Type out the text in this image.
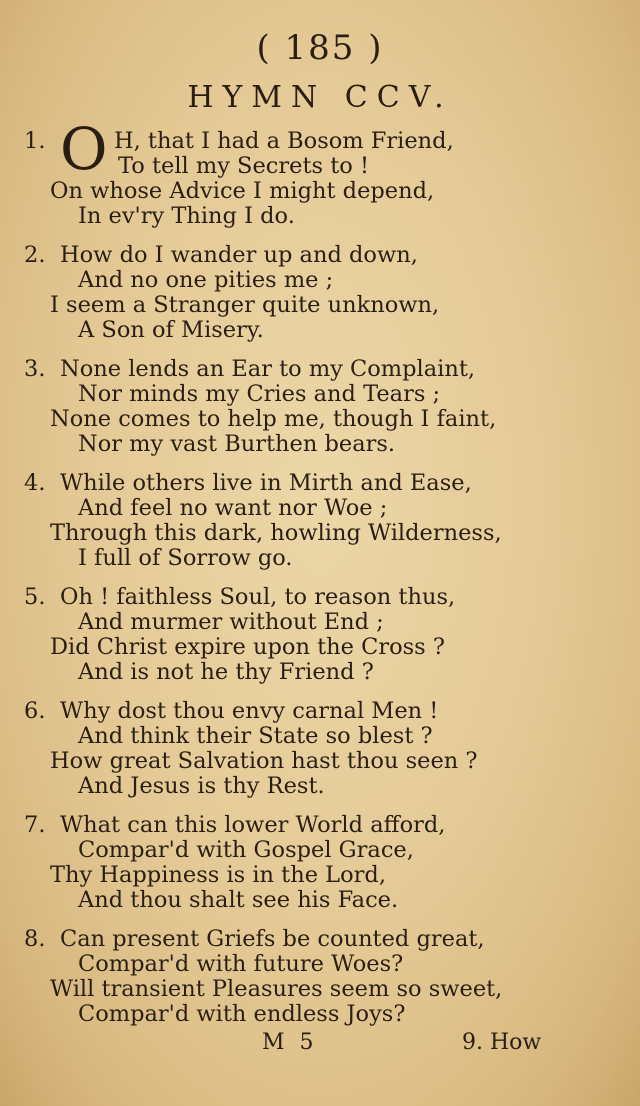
( 185 )
HYMN CCV.
1. O H, that I had a Bosom Friend,
To tell my Secrets to !
On whose Advice I might depend,
In ev'ry Thing I do.
2. How do I wander up and down,
And no one pities me ;
I seem a Stranger quite unknown,
A Son of Misery.
3. None lends an Ear to my Complaint,
Nor minds my Cries and Tears ;
None comes to help me, though I faint,
Nor my vast Burthen bears.
4. While others live in Mirth and Ease,
And feel no want nor Woe ;
Through this dark, howling Wilderness,
I full of Sorrow go.
5. Oh ! faithless Soul, to reason thus,
And murmer without End ;
Did Christ expire upon the Cross ?
And is not he thy Friend ?
6. Why dost thou envy carnal Men !
And think their State so blest ?
How great Salvation hast thou seen ?
And Jesus is thy Rest.
7. What can this lower World afford,
Compar'd with Gospel Grace,
Thy Happiness is in the Lord,
And thou shalt see his Face.
8. Can present Griefs be counted great,
Compar'd with future Woes?
Will transient Pleasures seem so sweet,
Compar'd with endless Joys?
M 5	9. How
